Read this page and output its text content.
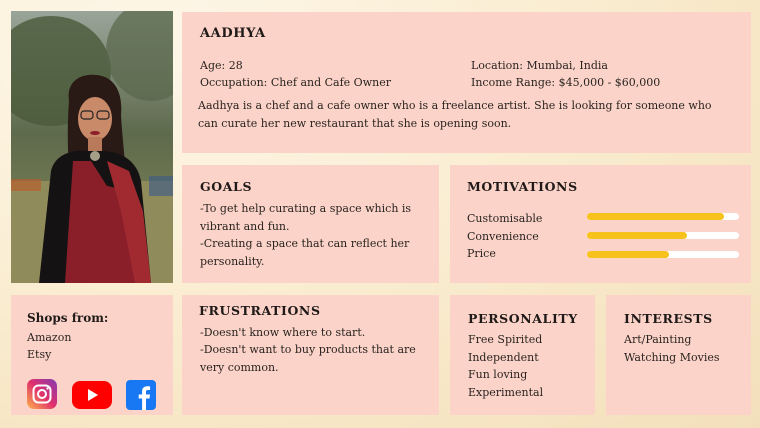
AADHYA
Age: 28
Occupation: Chef and Cafe Owner
Location: Mumbai, India
Income Range: $45,000 - $60,000
Aadhya is a chef and a cafe owner who is a freelance artist. She is looking for someone who can curate her new restaurant that she is opening soon.
GOALS
-To get help curating a space which is vibrant and fun.
-Creating a space that can reflect her personality.
MOTIVATIONS
Customisable
Convenience
Price
Shops from:
Amazon
Etsy
FRUSTRATIONS
-Doesn't know where to start.
-Doesn't want to buy products that are very common.
PERSONALITY
Free Spirited
Independent
Fun loving
Experimental
INTERESTS
Art/Painting
Watching Movies
